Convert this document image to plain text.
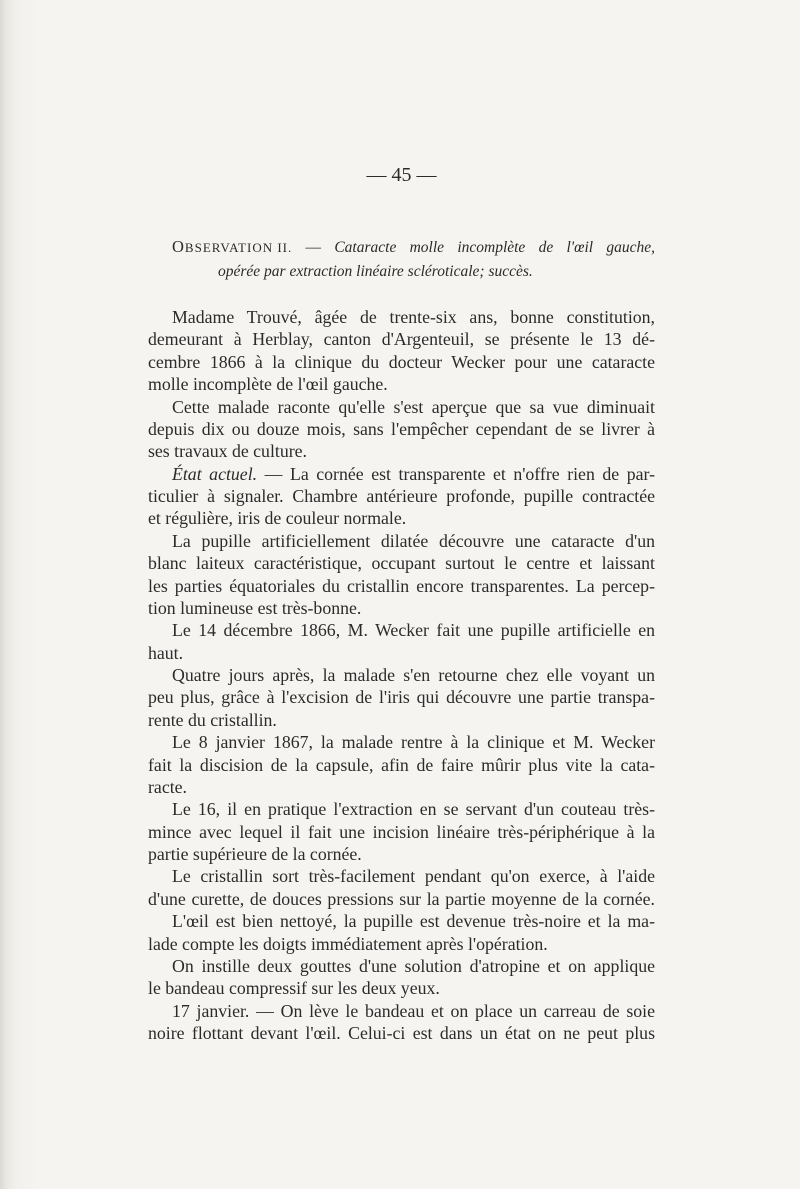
— 45 —
OBSERVATION II. — Cataracte molle incomplète de l'œil gauche,
opérée par extraction linéaire scléroticale; succès.
Madame Trouvé, âgée de trente-six ans, bonne constitution,
demeurant à Herblay, canton d'Argenteuil, se présente le 13 dé-
cembre 1866 à la clinique du docteur Wecker pour une cataracte
molle incomplète de l'œil gauche.
Cette malade raconte qu'elle s'est aperçue que sa vue diminuait
depuis dix ou douze mois, sans l'empêcher cependant de se livrer à
ses travaux de culture.
État actuel. — La cornée est transparente et n'offre rien de par-
ticulier à signaler. Chambre antérieure profonde, pupille contractée
et régulière, iris de couleur normale.
La pupille artificiellement dilatée découvre une cataracte d'un
blanc laiteux caractéristique, occupant surtout le centre et laissant
les parties équatoriales du cristallin encore transparentes. La percep-
tion lumineuse est très-bonne.
Le 14 décembre 1866, M. Wecker fait une pupille artificielle en
haut.
Quatre jours après, la malade s'en retourne chez elle voyant un
peu plus, grâce à l'excision de l'iris qui découvre une partie transpa-
rente du cristallin.
Le 8 janvier 1867, la malade rentre à la clinique et M. Wecker
fait la discision de la capsule, afin de faire mûrir plus vite la cata-
racte.
Le 16, il en pratique l'extraction en se servant d'un couteau très-
mince avec lequel il fait une incision linéaire très-périphérique à la
partie supérieure de la cornée.
Le cristallin sort très-facilement pendant qu'on exerce, à l'aide
d'une curette, de douces pressions sur la partie moyenne de la cornée.
L'œil est bien nettoyé, la pupille est devenue très-noire et la ma-
lade compte les doigts immédiatement après l'opération.
On instille deux gouttes d'une solution d'atropine et on applique
le bandeau compressif sur les deux yeux.
17 janvier. — On lève le bandeau et on place un carreau de soie
noire flottant devant l'œil. Celui-ci est dans un état on ne peut plus
